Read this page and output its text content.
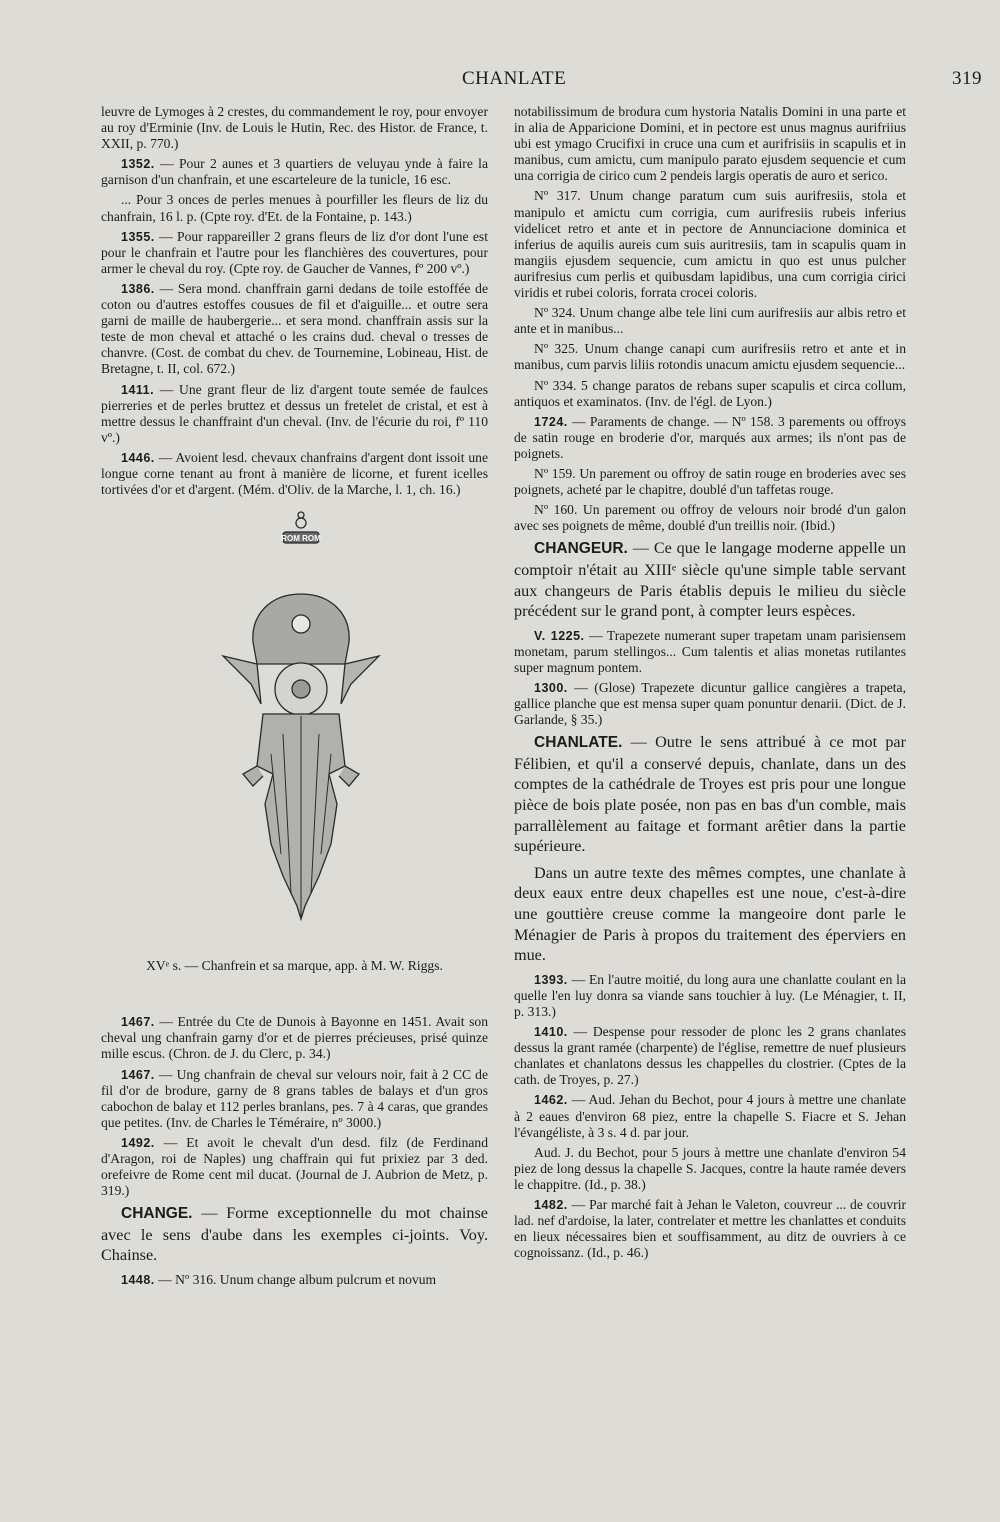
CHANLATE	319

leuvre de Lymoges à 2 crestes, du commandement le roy, pour envoyer au roy d'Erminie (Inv. de Louis le Hutin, Rec. des Histor. de France, t. XXII, p. 770.)

1352. — Pour 2 aunes et 3 quartiers de veluyau ynde à faire la garnison d'un chanfrain, et une escarteleure de la tunicle, 16 esc.

... Pour 3 onces de perles menues à pourfiller les fleurs de liz du chanfrain, 16 l. p. (Cpte roy. d'Et. de la Fontaine, p. 143.)

1355. — Pour rappareiller 2 grans fleurs de liz d'or dont l'une est pour le chanfrain et l'autre pour les flanchières des couvertures, pour armer le cheval du roy. (Cpte roy. de Gaucher de Vannes, fº 200 vº.)

1386. — Sera mond. chanffrain garni dedans de toile estoffée de coton ou d'autres estoffes cousues de fil et d'aiguille... et outre sera garni de maille de haubergerie... et sera mond. chanffrain assis sur la teste de mon cheval et attaché o les crains dud. cheval o tresses de chanvre. (Cost. de combat du chev. de Tournemine, Lobineau, Hist. de Bretagne, t. II, col. 672.)

1411. — Une grant fleur de liz d'argent toute semée de faulces pierreries et de perles bruttez et dessus un fretelet de cristal, et est à mettre dessus le chanffraint d'un cheval. (Inv. de l'écurie du roi, fº 110 vº.)

1446. — Avoient lesd. chevaux chanfrains d'argent dont issoit une longue corne tenant au front à manière de licorne, et furent icelles tortivées d'or et d'argent. (Mém. d'Oliv. de la Marche, l. 1, ch. 16.)

ROM ROM

XVᵉ s. — Chanfrein et sa marque, app. à M. W. Riggs.

1467. — Entrée du Cte de Dunois à Bayonne en 1451. Avait son cheval ung chanfrain garny d'or et de pierres précieuses, prisé quinze mille escus. (Chron. de J. du Clerc, p. 34.)

1467. — Ung chanfrain de cheval sur velours noir, fait à 2 CC de fil d'or de brodure, garny de 8 grans tables de balays et d'un gros cabochon de balay et 112 perles branlans, pes. 7 à 4 caras, que grandes que petites. (Inv. de Charles le Téméraire, nº 3000.)

1492. — Et avoit le chevalt d'un desd. filz (de Ferdinand d'Aragon, roi de Naples) ung chaffrain qui fut prixiez par 3 ded. orefeivre de Rome cent mil ducat. (Journal de J. Aubrion de Metz, p. 319.)

CHANGE. — Forme exceptionnelle du mot chainse avec le sens d'aube dans les exemples ci-joints. Voy. Chainse.

1448. — Nº 316. Unum change album pulcrum et novum

notabilissimum de brodura cum hystoria Natalis Domini in una parte et in alia de Apparicione Domini, et in pectore est unus magnus aurifriius ubi est ymago Crucifixi in cruce una cum et aurifrisiis in scapulis et in manibus, cum amictu, cum manipulo parato ejusdem sequencie et cum una corrigia de cirico cum 2 pendeis largis operatis de auro et serico.

Nº 317. Unum change paratum cum suis aurifresiis, stola et manipulo et amictu cum corrigia, cum aurifresiis rubeis inferius videlicet retro et ante et in pectore de Annunciacione dominica et inferius de aquilis aureis cum suis auritresiis, tam in scapulis quam in mangiis ejusdem sequencie, cum amictu in quo est unus pulcher aurifresius cum perlis et quibusdam lapidibus, una cum corrigia cirici viridis et rubei coloris, forrata crocei coloris.

Nº 324. Unum change albe tele lini cum aurifresiis aur albis retro et ante et in manibus...

Nº 325. Unum change canapi cum aurifresiis retro et ante et in manibus, cum parvis liliis rotondis unacum amictu ejusdem sequencie...

Nº 334. 5 change paratos de rebans super scapulis et circa collum, antiquos et examinatos. (Inv. de l'égl. de Lyon.)

1724. — Paraments de change. — Nº 158. 3 parements ou offroys de satin rouge en broderie d'or, marqués aux armes; ils n'ont pas de poignets.

Nº 159. Un parement ou offroy de satin rouge en broderies avec ses poignets, acheté par le chapitre, doublé d'un taffetas rouge.

Nº 160. Un parement ou offroy de velours noir brodé d'un galon avec ses poignets de même, doublé d'un treillis noir. (Ibid.)

CHANGEUR. — Ce que le langage moderne appelle un comptoir n'était au XIIIᵉ siècle qu'une simple table servant aux changeurs de Paris établis depuis le milieu du siècle précédent sur le grand pont, à compter leurs espèces.

V. 1225. — Trapezete numerant super trapetam unam parisiensem monetam, parum stellingos... Cum talentis et alias monetas rutilantes super magnum pontem.

1300. — (Glose) Trapezete dicuntur gallice cangières a trapeta, gallice planche que est mensa super quam ponuntur denarii. (Dict. de J. Garlande, § 35.)

CHANLATE. — Outre le sens attribué à ce mot par Félibien, et qu'il a conservé depuis, chanlate, dans un des comptes de la cathédrale de Troyes est pris pour une longue pièce de bois plate posée, non pas en bas d'un comble, mais parrallèlement au faitage et formant arêtier dans la partie supérieure.

Dans un autre texte des mêmes comptes, une chanlate à deux eaux entre deux chapelles est une noue, c'est-à-dire une gouttière creuse comme la mangeoire dont parle le Ménagier de Paris à propos du traitement des éperviers en mue.

1393. — En l'autre moitié, du long aura une chanlatte coulant en la quelle l'en luy donra sa viande sans touchier à luy. (Le Ménagier, t. II, p. 313.)

1410. — Despense pour ressoder de plonc les 2 grans chanlates dessus la grant ramée (charpente) de l'église, remettre de nuef plusieurs chanlates et chanlatons dessus les chappelles du clostrier. (Cptes de la cath. de Troyes, p. 27.)

1462. — Aud. Jehan du Bechot, pour 4 jours à mettre une chanlate à 2 eaues d'environ 68 piez, entre la chapelle S. Fiacre et S. Jehan l'évangéliste, à 3 s. 4 d. par jour.

Aud. J. du Bechot, pour 5 jours à mettre une chanlate d'environ 54 piez de long dessus la chapelle S. Jacques, contre la haute ramée devers le chappitre. (Id., p. 38.)

1482. — Par marché fait à Jehan le Valeton, couvreur ... de couvrir lad. nef d'ardoise, la later, contrelater et mettre les chanlattes et conduits en lieux nécessaires bien et souffisamment, au ditz de ouvriers à ce cognoissanz. (Id., p. 46.)
